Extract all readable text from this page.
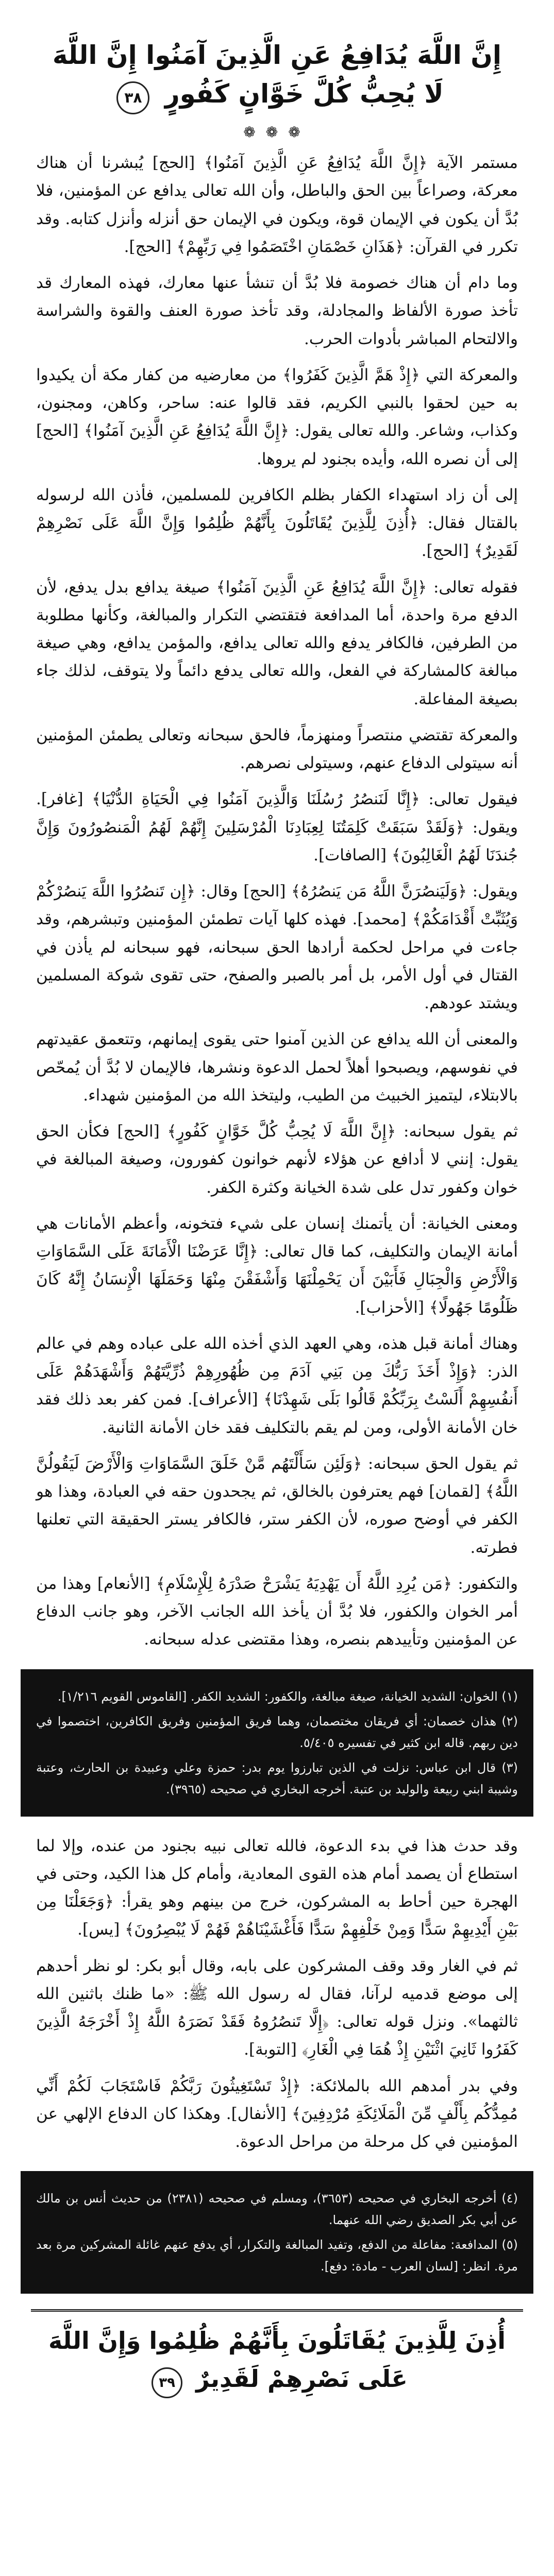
إِنَّ اللَّهَ يُدَافِعُ عَنِ الَّذِينَ آمَنُوا إِنَّ اللَّهَ لَا يُحِبُّ كُلَّ خَوَّانٍ كَفُورٍ ٣٨
❁❁❁

مستمر الآية ﴿إِنَّ اللَّهَ يُدَافِعُ عَنِ الَّذِينَ آمَنُوا﴾ [الحج] يُبشرنا أن هناك معركة، وصراعاً بين الحق والباطل، وأن الله تعالى يدافع عن المؤمنين، فلا بُدَّ أن يكون في الإيمان قوة، ويكون في الإيمان حق أنزله وأنزل كتابه. وقد تكرر في القرآن: ﴿هَذَانِ خَصْمَانِ اخْتَصَمُوا فِي رَبِّهِمْ﴾ [الحج].

وما دام أن هناك خصومة فلا بُدَّ أن تنشأ عنها معارك، فهذه المعارك قد تأخذ صورة الألفاظ والمجادلة، وقد تأخذ صورة العنف والقوة والشراسة والالتحام المباشر بأدوات الحرب.

والمعركة التي ﴿إِذْ هَمَّ الَّذِينَ كَفَرُوا﴾ من معارضيه من كفار مكة أن يكيدوا به حين لحقوا بالنبي الكريم، فقد قالوا عنه: ساحر، وكاهن، ومجنون، وكذاب، وشاعر. والله تعالى يقول: ﴿إِنَّ اللَّهَ يُدَافِعُ عَنِ الَّذِينَ آمَنُوا﴾ [الحج] إلى أن نصره الله، وأيده بجنود لم يروها.

إلى أن زاد استهداء الكفار بظلم الكافرين للمسلمين، فأذن الله لرسوله بالقتال فقال: ﴿أُذِنَ لِلَّذِينَ يُقَاتَلُونَ بِأَنَّهُمْ ظُلِمُوا وَإِنَّ اللَّهَ عَلَى نَصْرِهِمْ لَقَدِيرٌ﴾ [الحج].

فقوله تعالى: ﴿إِنَّ اللَّهَ يُدَافِعُ عَنِ الَّذِينَ آمَنُوا﴾ صيغة يدافع بدل يدفع، لأن الدفع مرة واحدة، أما المدافعة فتقتضي التكرار والمبالغة، وكأنها مطلوبة من الطرفين، فالكافر يدفع والله تعالى يدافع، والمؤمن يدافع، وهي صيغة مبالغة كالمشاركة في الفعل، والله تعالى يدفع دائماً ولا يتوقف، لذلك جاء بصيغة المفاعلة.

والمعركة تقتضي منتصراً ومنهزماً، فالحق سبحانه وتعالى يطمئن المؤمنين أنه سيتولى الدفاع عنهم، وسيتولى نصرهم.

فيقول تعالى: ﴿إِنَّا لَنَنصُرُ رُسُلَنَا وَالَّذِينَ آمَنُوا فِي الْحَيَاةِ الدُّنْيَا﴾ [غافر]. ويقول: ﴿وَلَقَدْ سَبَقَتْ كَلِمَتُنَا لِعِبَادِنَا الْمُرْسَلِينَ إِنَّهُمْ لَهُمُ الْمَنصُورُونَ وَإِنَّ جُندَنَا لَهُمُ الْغَالِبُونَ﴾ [الصافات].

ويقول: ﴿وَلَيَنصُرَنَّ اللَّهُ مَن يَنصُرُهُ﴾ [الحج] وقال: ﴿إِن تَنصُرُوا اللَّهَ يَنصُرْكُمْ وَيُثَبِّتْ أَقْدَامَكُمْ﴾ [محمد]. فهذه كلها آيات تطمئن المؤمنين وتبشرهم، وقد جاءت في مراحل لحكمة أرادها الحق سبحانه، فهو سبحانه لم يأذن في القتال في أول الأمر، بل أمر بالصبر والصفح، حتى تقوى شوكة المسلمين ويشتد عودهم.

والمعنى أن الله يدافع عن الذين آمنوا حتى يقوى إيمانهم، وتتعمق عقيدتهم في نفوسهم، ويصبحوا أهلاً لحمل الدعوة ونشرها، فالإيمان لا بُدَّ أن يُمحّص بالابتلاء، ليتميز الخبيث من الطيب، وليتخذ الله من المؤمنين شهداء.

ثم يقول سبحانه: ﴿إِنَّ اللَّهَ لَا يُحِبُّ كُلَّ خَوَّانٍ كَفُورٍ﴾ [الحج] فكأن الحق يقول: إنني لا أدافع عن هؤلاء لأنهم خوانون كفورون، وصيغة المبالغة في خوان وكفور تدل على شدة الخيانة وكثرة الكفر.

ومعنى الخيانة: أن يأتمنك إنسان على شيء فتخونه، وأعظم الأمانات هي أمانة الإيمان والتكليف، كما قال تعالى: ﴿إِنَّا عَرَضْنَا الْأَمَانَةَ عَلَى السَّمَاوَاتِ وَالْأَرْضِ وَالْجِبَالِ فَأَبَيْنَ أَن يَحْمِلْنَهَا وَأَشْفَقْنَ مِنْهَا وَحَمَلَهَا الْإِنسَانُ إِنَّهُ كَانَ ظَلُومًا جَهُولًا﴾ [الأحزاب].

وهناك أمانة قبل هذه، وهي العهد الذي أخذه الله على عباده وهم في عالم الذر: ﴿وَإِذْ أَخَذَ رَبُّكَ مِن بَنِي آدَمَ مِن ظُهُورِهِمْ ذُرِّيَّتَهُمْ وَأَشْهَدَهُمْ عَلَى أَنفُسِهِمْ أَلَسْتُ بِرَبِّكُمْ قَالُوا بَلَى شَهِدْنَا﴾ [الأعراف]. فمن كفر بعد ذلك فقد خان الأمانة الأولى، ومن لم يقم بالتكليف فقد خان الأمانة الثانية.

ثم يقول الحق سبحانه: ﴿وَلَئِن سَأَلْتَهُم مَّنْ خَلَقَ السَّمَاوَاتِ وَالْأَرْضَ لَيَقُولُنَّ اللَّهُ﴾ [لقمان] فهم يعترفون بالخالق، ثم يجحدون حقه في العبادة، وهذا هو الكفر في أوضح صوره، لأن الكفر ستر، فالكافر يستر الحقيقة التي تعلنها فطرته.

والتكفور: ﴿مَن يُرِدِ اللَّهُ أَن يَهْدِيَهُ يَشْرَحْ صَدْرَهُ لِلْإِسْلَامِ﴾ [الأنعام] وهذا من أمر الخوان والكفور، فلا بُدَّ أن يأخذ الله الجانب الآخر، وهو جانب الدفاع عن المؤمنين وتأييدهم بنصره، وهذا مقتضى عدله سبحانه.

(١) الخوان: الشديد الخيانة، صيغة مبالغة، والكفور: الشديد الكفر. [القاموس القويم ١/٢١٦].

(٢) هذان خصمان: أي فريقان مختصمان، وهما فريق المؤمنين وفريق الكافرين، اختصموا في دين ربهم. قاله ابن كثير في تفسيره ٥/٤٠٥.

(٣) قال ابن عباس: نزلت في الذين تبارزوا يوم بدر: حمزة وعلي وعبيدة بن الحارث، وعتبة وشيبة ابني ربيعة والوليد بن عتبة. أخرجه البخاري في صحيحه (٣٩٦٥).

وقد حدث هذا في بدء الدعوة، فالله تعالى نبيه بجنود من عنده، وإلا لما استطاع أن يصمد أمام هذه القوى المعادية، وأمام كل هذا الكيد، وحتى في الهجرة حين أحاط به المشركون، خرج من بينهم وهو يقرأ: ﴿وَجَعَلْنَا مِن بَيْنِ أَيْدِيهِمْ سَدًّا وَمِنْ خَلْفِهِمْ سَدًّا فَأَغْشَيْنَاهُمْ فَهُمْ لَا يُبْصِرُونَ﴾ [يس].

ثم في الغار وقد وقف المشركون على بابه، وقال أبو بكر: لو نظر أحدهم إلى موضع قدميه لرآنا، فقال له رسول الله ﷺ: «ما ظنك باثنين الله ثالثهما». ونزل قوله تعالى: ﴿إِلَّا تَنصُرُوهُ فَقَدْ نَصَرَهُ اللَّهُ إِذْ أَخْرَجَهُ الَّذِينَ كَفَرُوا ثَانِيَ اثْنَيْنِ إِذْ هُمَا فِي الْغَارِ﴾ [التوبة].

وفي بدر أمدهم الله بالملائكة: ﴿إِذْ تَسْتَغِيثُونَ رَبَّكُمْ فَاسْتَجَابَ لَكُمْ أَنِّي مُمِدُّكُم بِأَلْفٍ مِّنَ الْمَلَائِكَةِ مُرْدِفِينَ﴾ [الأنفال]. وهكذا كان الدفاع الإلهي عن المؤمنين في كل مرحلة من مراحل الدعوة.

(٤) أخرجه البخاري في صحيحه (٣٦٥٣)، ومسلم في صحيحه (٢٣٨١) من حديث أنس بن مالك عن أبي بكر الصديق رضي الله عنهما.

(٥) المدافعة: مفاعلة من الدفع، وتفيد المبالغة والتكرار، أي يدفع عنهم غائلة المشركين مرة بعد مرة. انظر: [لسان العرب - مادة: دفع].

أُذِنَ لِلَّذِينَ يُقَاتَلُونَ بِأَنَّهُمْ ظُلِمُوا وَإِنَّ اللَّهَ عَلَى نَصْرِهِمْ لَقَدِيرٌ ٣٩
